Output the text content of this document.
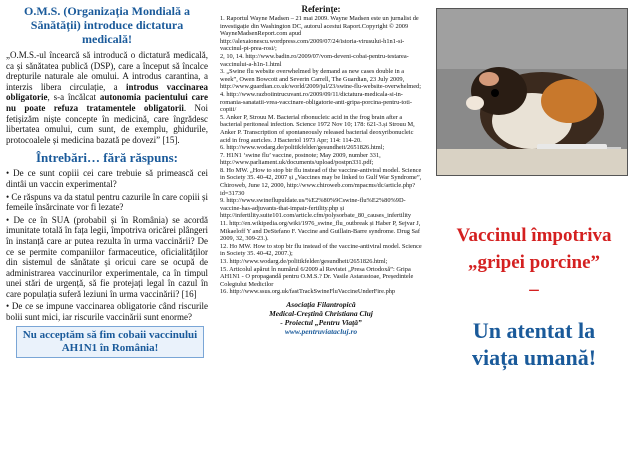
O.M.S. (Organizația Mondială a Sănătății) introduce dictatura medicală!

„O.M.S.-ul încearcă să introducă o dictatură medicală, ca și sănătatea publică (DSP), care a început să încalce drepturile naturale ale omului. A introdus carantina, a interzis libera circulație, a introdus vaccinarea obligatorie, s-a încălcat autonomia pacientului care nu poate refuza tratamentele obligatorii. Noi fetișizăm niște concepte în medicină, care îngrădesc libertatea omului, cum sunt, de exemplu, ghidurile, protocoalele și medicina bazată pe dovezi” [15].

Întrebări… fără răspuns:

• De ce sunt copiii cei care trebuie să primească cei dintâi un vaccin experimental?

• Ce răspuns va da statul pentru cazurile în care copiii și femeile însărcinate vor fi lezate?

• De ce în SUA (probabil și în România) se acordă imunitate totală în fața legii, împotriva oricărei plângeri în instanță care ar putea rezulta în urma vaccinării? De ce se permite companiilor farmaceutice, oficialităților din sistemul de sănătate și oricui care se ocupă de administrarea vaccinurilor experimentale, ca în timpul unei stări de urgență, să fie protejați legal în cazul în care populația suferă leziuni în urma vaccinării? [16]

• De ce se impune vaccinarea obligatorie când riscurile bolii sunt mici, iar riscurile vaccinării sunt enorme?

Nu acceptăm să fim cobaii vaccinului AH1N1 în România!
Referințe:

1. Raportul Wayne Madsen – 21 mai 2009. Wayne Madsen este un jurnalist de investigație din Washington DC, autorul acestui Raport.Copyright © 2009 WayneMadsenReport.com apud http://alexaionescu.wordpress.com/2009/07/24/istoria-virusului-h1n1-si-vaccinul-pt-prea-rosi/;

2, 10, 14. http://www.badin.ro/2009/07/vom-deveni-cobai-pentru-testarea-vaccinului-a-h1n-1.html

3. „Swine flu website overwhelmed by demand as new cases double in a week”, Owen Bowcott and Severin Carrell, The Guardian, 23 July 2009, http://www.guardian.co.uk/world/2009/jul/23/swine-flu-website-overwhelmed;

4. http://www.razboiintrucuvant.ro/2009/09/11/dictatura-medicala-si-in-romania-sanatatii-vrea-vaccinare-obligatorie-anti-gripa-porcina-pentru-toti-copiii/

5. Anker P, Strouu M. Bacterial ribonucleic acid in the frog brain after a bacterial peritoneal infection. Science 1972 Nov 10; 178: 621-3.și Strouu M, Anker P. Transcription of spontaneously released bacterial deoxyribonucleic acid in frog auricles. J Bacteriol 1973 Apr; 114: 114-20.

6. http://www.wodarg.de/politikfelder/gesundheit/2651826.html;

7. H1N1 ‘swine flu’ vaccine, postnote; May 2009, number 331, http://www.parliament.uk/documents/upload/postpn331.pdf;

8. Ho MW. „How to stop bir flu instead of the vaccine-antiviral model. Science in Society 35. 40-42, 2007 și „Vaccines may be linked to Gulf War Syndrome”, Chiroweb, June 12, 2000, http://www.chiroweb.com/mpacms/dc/article.php?id=31730

9. http://www.swineflupuldate.us/%E2%80%9Cswine-flu%E2%80%9D-vaccine-has-adjuvants-that-impair-fertility.php și http://infertility.suite101.com/article.cfm/polysorbate_80_causes_infertility

11. http://en.wikipedia.org/wiki/1976_swine_flu_outbreak și Haber P, Sejvar J, Mikaeloff Y and DeStefano F. Vaccine and Guillain-Barre syndrome. Drug Saf 2009, 32, 309-23.).

12. Ho MW. How to stop bir flu instead of the vaccine-antiviral model. Science in Society 35. 40-42, 2007.);

13. http://www.wodarg.de/politikfelder/gesundheit/2651826.html;

15. Articolul apărut în numărul 6/2009 al Revistei „Presa Ortodoxă”: Gripa AH1N1 - O propagandă pentru O.M.S.? Dr. Vasile Astarastoae, Președintele Colegiului Medicilor

16. http://www.ssus.org.uk/fastTrackSwineFluVaccineUnderFire.php

Asociația Filantropică
Medical-Creștină Christiana Cluj
- Proiectul „Pentru Viață”
www.pentruviatacluj.ro
Vaccinul împotriva
„gripei porcine”
–
Un atentat la
viața umană!
